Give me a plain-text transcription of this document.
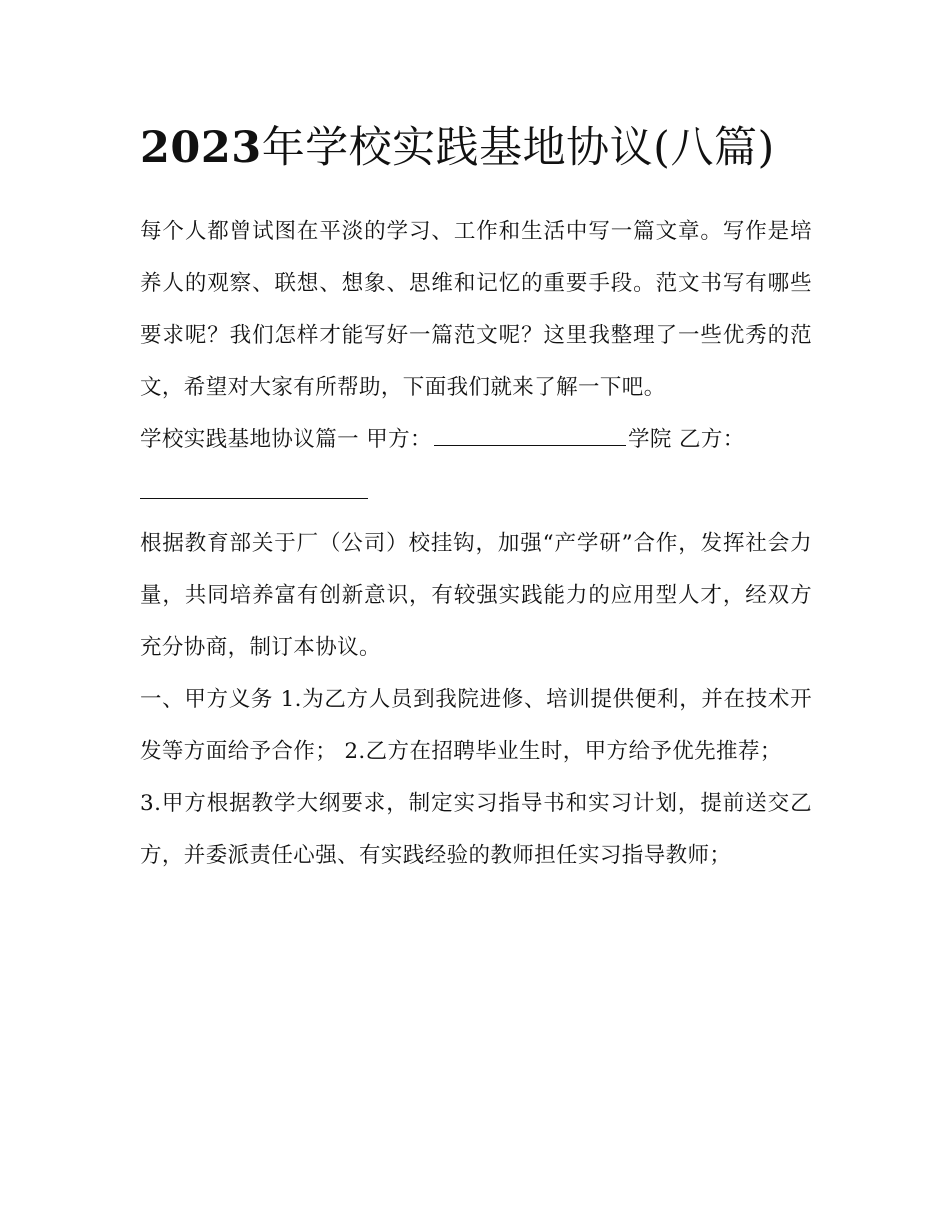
2023年学校实践基地协议(八篇)

每个人都曾试图在平淡的学习、工作和生活中写一篇文章。写作是培养人的观察、联想、想象、思维和记忆的重要手段。范文书写有哪些要求呢？我们怎样才能写好一篇范文呢？这里我整理了一些优秀的范文，希望对大家有所帮助，下面我们就来了解一下吧。

学校实践基地协议篇一 甲方：	学院 乙方：

根据教育部关于厂（公司）校挂钩，加强“产学研”合作，发挥社会力量，共同培养富有创新意识，有较强实践能力的应用型人才，经双方充分协商，制订本协议。

一、甲方义务 1.为乙方人员到我院进修、培训提供便利，并在技术开发等方面给予合作； 2.乙方在招聘毕业生时，甲方给予优先推荐；

3.甲方根据教学大纲要求，制定实习指导书和实习计划，提前送交乙方，并委派责任心强、有实践经验的教师担任实习指导教师；
